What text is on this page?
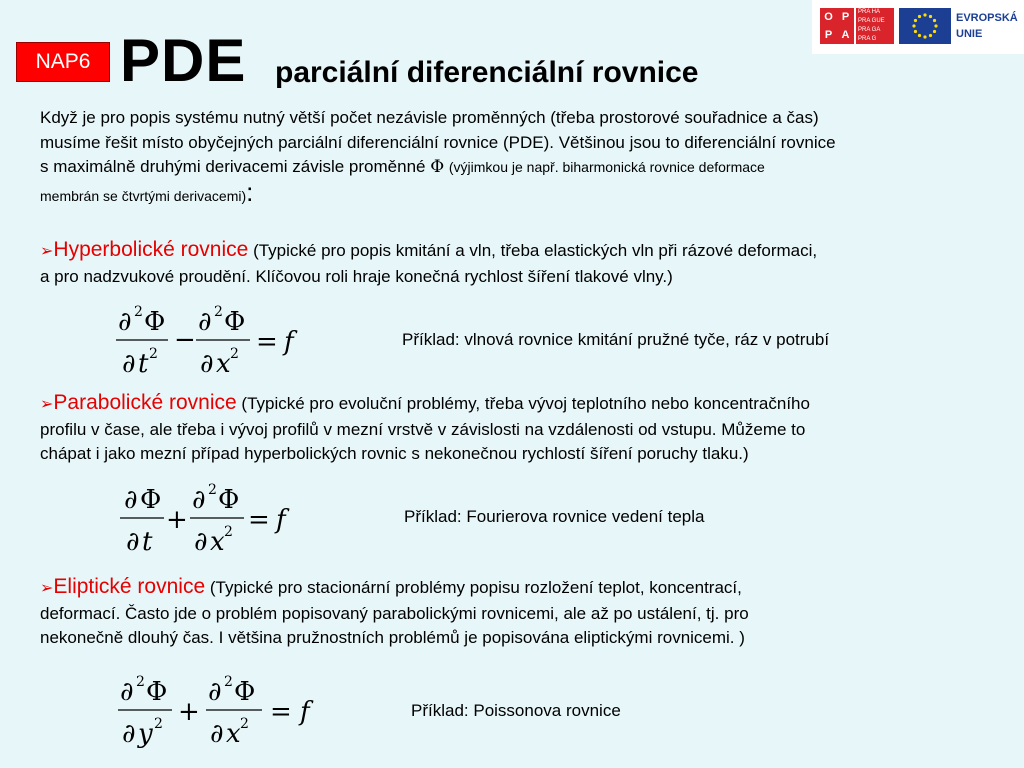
NAP6 PDE parciální diferenciální rovnice
O P
P A
PRA HA
PRA GUE
PRA GA
PRA G
EVROPSKÁ
UNIE
Když je pro popis systému nutný větší počet nezávisle proměnných (třeba prostorové souřadnice a čas)
musíme řešit místo obyčejných parciální diferenciální rovnice (PDE). Většinou jsou to diferenciální rovnice
s maximálně druhými derivacemi závisle proměnné Φ (výjimkou je např. biharmonická rovnice deformace
membrán se čtvrtými derivacemi):
➢Hyperbolické rovnice (Typické pro popis kmitání a vln, třeba elastických vln při rázové deformaci,
a pro nadzvukové proudění. Klíčovou roli hraje konečná rychlost šíření tlakové vlny.)
∂ 2 Φ
∂ t 2 −
∂ 2 Φ
∂ x 2 = f	Příklad: vlnová rovnice kmitání pružné tyče, ráz v potrubí
➢Parabolické rovnice (Typické pro evoluční problémy, třeba vývoj teplotního nebo koncentračního
profilu v čase, ale třeba i vývoj profilů v mezní vrstvě v závislosti na vzdálenosti od vstupu. Můžeme to
chápat i jako mezní případ hyperbolických rovnic s nekonečnou rychlostí šíření poruchy tlaku.)
∂ Φ
∂ t
+
∂ 2 Φ
∂ x 2 = f	Příklad: Fourierova rovnice vedení tepla
➢Eliptické rovnice (Typické pro stacionární problémy popisu rozložení teplot, koncentrací,
deformací. Často jde o problém popisovaný parabolickými rovnicemi, ale až po ustálení, tj. pro
nekonečně dlouhý čas. I většina pružnostních problémů je popisována eliptickými rovnicemi. )
∂ 2 Φ
∂ y 2 +
∂ 2 Φ
∂ x 2 = f	Příklad: Poissonova rovnice
